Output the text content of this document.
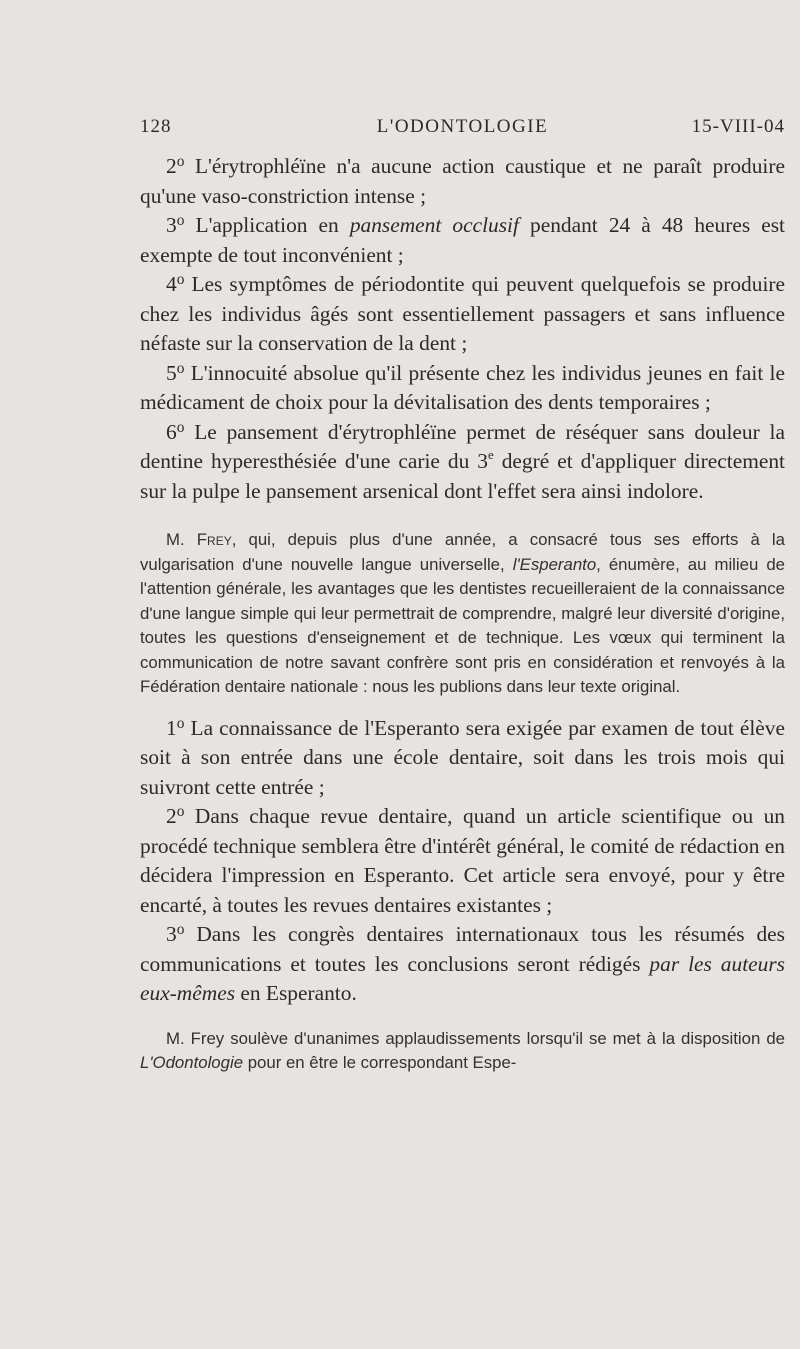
128	L'ODONTOLOGIE	15-VIII-04

2$^o$ L'érytrophléïne n'a aucune action caustique et ne paraît produire qu'une vaso-constriction intense ;

3$^o$ L'application en pansement occlusif pendant 24 à 48 heures est exempte de tout inconvénient ;

4$^o$ Les symptômes de périodontite qui peuvent quelquefois se produire chez les individus âgés sont essentiellement passagers et sans influence néfaste sur la conservation de la dent ;

5$^o$ L'innocuité absolue qu'il présente chez les individus jeunes en fait le médicament de choix pour la dévitalisation des dents temporaires ;

6$^o$ Le pansement d'érytrophléïne permet de réséquer sans douleur la dentine hyperesthésiée d'une carie du 3e degré et d'appliquer directement sur la pulpe le pansement arsenical dont l'effet sera ainsi indolore.

M. Frey, qui, depuis plus d'une année, a consacré tous ses efforts à la vulgarisation d'une nouvelle langue universelle, l'Esperanto, énumère, au milieu de l'attention générale, les avantages que les dentistes recueilleraient de la connaissance d'une langue simple qui leur permettrait de comprendre, malgré leur diversité d'origine, toutes les questions d'enseignement et de technique. Les vœux qui terminent la communication de notre savant confrère sont pris en considération et renvoyés à la Fédération dentaire nationale : nous les publions dans leur texte original.

1$^o$ La connaissance de l'Esperanto sera exigée par examen de tout élève soit à son entrée dans une école dentaire, soit dans les trois mois qui suivront cette entrée ;

2$^o$ Dans chaque revue dentaire, quand un article scientifique ou un procédé technique semblera être d'intérêt général, le comité de rédaction en décidera l'impression en Esperanto. Cet article sera envoyé, pour y être encarté, à toutes les revues dentaires existantes ;

3$^o$ Dans les congrès dentaires internationaux tous les résumés des communications et toutes les conclusions seront rédigés par les auteurs eux-mêmes en Esperanto.

M. Frey soulève d'unanimes applaudissements lorsqu'il se met à la disposition de L'Odontologie pour en être le correspondant Espe-
